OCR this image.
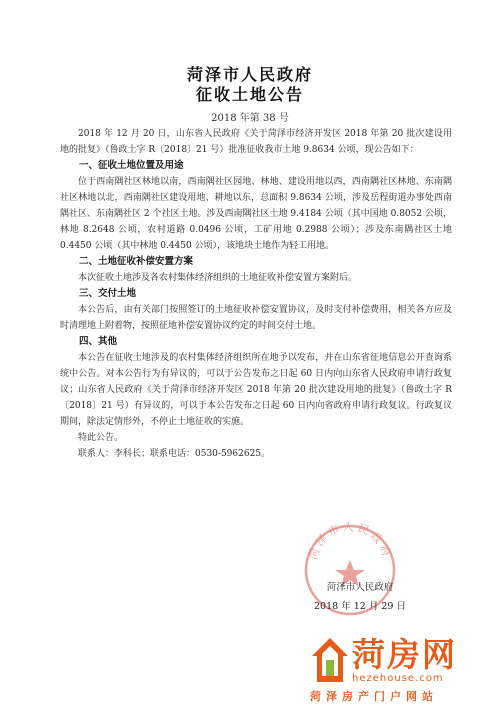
菏泽市人民政府
征收土地公告
2018 年第 38 号

2018 年 12 月 20 日，山东省人民政府《关于菏泽市经济开发区 2018 年第 20 批次建设用地的批复》（鲁政土字 R〔2018〕21 号）批准征收我市土地 9.8634 公顷，现公告如下：

一、征收土地位置及用途

位于西南隅社区林地以南，西南隅社区园地、林地、建设用地以西，西南隅社区林地、东南隅社区林地以北，西南隅社区建设用地、耕地以东，总面积 9.8634 公顷，涉及岳程街道办事处西南隅社区、东南隅社区 2 个社区土地。涉及西南隅社区土地 9.4184 公顷（其中国地 0.8052 公顷，林地 8.2648 公顷，农村道路 0.0496 公顷，工矿用地 0.2988 公顷）；涉及东南隅社区土地 0.4450 公顷（其中林地 0.4450 公顷），该地块土地作为轻工用地。

二、土地征收补偿安置方案

本次征收土地涉及各农村集体经济组织的土地征收补偿安置方案附后。

三、交付土地

本公告后，由有关部门按照签订的土地征收补偿安置协议，及时支付补偿费用，相关各方应及时清理地上附着物，按照征地补偿安置协议约定的时间交付土地。

四、其他

本公告在征收土地涉及的农村集体经济组织所在地予以发布，并在山东省征地信息公开查询系统中公告。对本公告行为有异议的，可以于公告发布之日起 60 日内向山东省人民政府申请行政复议；山东省人民政府《关于菏泽市经济开发区 2018 年第 20 批次建设用地的批复》（鲁政土字 R〔2018〕21 号）有异议的，可以于本公告发布之日起 60 日内向省政府申请行政复议。行政复议期间，除法定情形外，不停止土地征收的实施。

特此公告。

联系人：李科长；联系电话：0530-5962625。

菏泽市人民政府
菏泽市人民政府
2018 年 12 月 29 日
菏房网
hezehouse.com
菏泽房产门户网站
